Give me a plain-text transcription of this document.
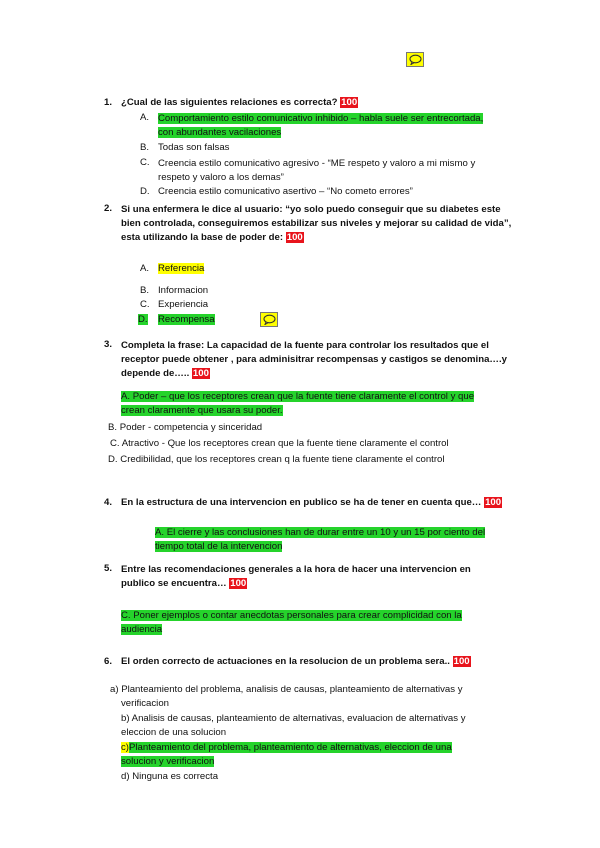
1. ¿Cual de las siguientes relaciones es correcta? 100
A. Comportamiento estilo comunicativo inhibido – habla suele ser entrecortada,
con abundantes vacilaciones
B. Todas son falsas
C. Creencia estilo comunicativo agresivo - “ME respeto y valoro a mi mismo y
respeto y valoro a los demas”
D. Creencia estilo comunicativo asertivo – “No cometo errores”
2. Si una enfermera le dice al usuario: “yo solo puedo conseguir que su diabetes este
bien controlada, conseguiremos estabilizar sus niveles y mejorar su calidad de vida”,
esta utilizando la base de poder de: 100
A. Referencia
B. Informacion
C. Experiencia
D. Recompensa
3. Completa la frase: La capacidad de la fuente para controlar los resultados que el
receptor puede obtener , para adminisitrar recompensas y castigos se denomina….y
depende de….. 100
A. Poder – que los receptores crean que la fuente tiene claramente el control y que
crean claramente que usara su poder.
B. Poder - competencia y sinceridad
C. Atractivo - Que los receptores crean que la fuente tiene claramente el control
D. Credibilidad, que los receptores crean q la fuente tiene claramente el control
4. En la estructura de una intervencion en publico se ha de tener en cuenta que… 100
A. El cierre y las conclusiones han de durar entre un 10 y un 15 por ciento del
tiempo total de la intervencion
5. Entre las recomendaciones generales a la hora de hacer una intervencion en
publico se encuentra… 100
C. Poner ejemplos o contar anecdotas personales para crear complicidad con la
audiencia
6. El orden correcto de actuaciones en la resolucion de un problema sera.. 100
a) Planteamiento del problema, analisis de causas, planteamiento de alternativas y
verificacion
b) Analisis de causas, planteamiento de alternativas, evaluacion de alternativas y
eleccion de una solucion
c)Planteamiento del problema, planteamiento de alternativas, eleccion de una
solucion y verificacion
d) Ninguna es correcta
